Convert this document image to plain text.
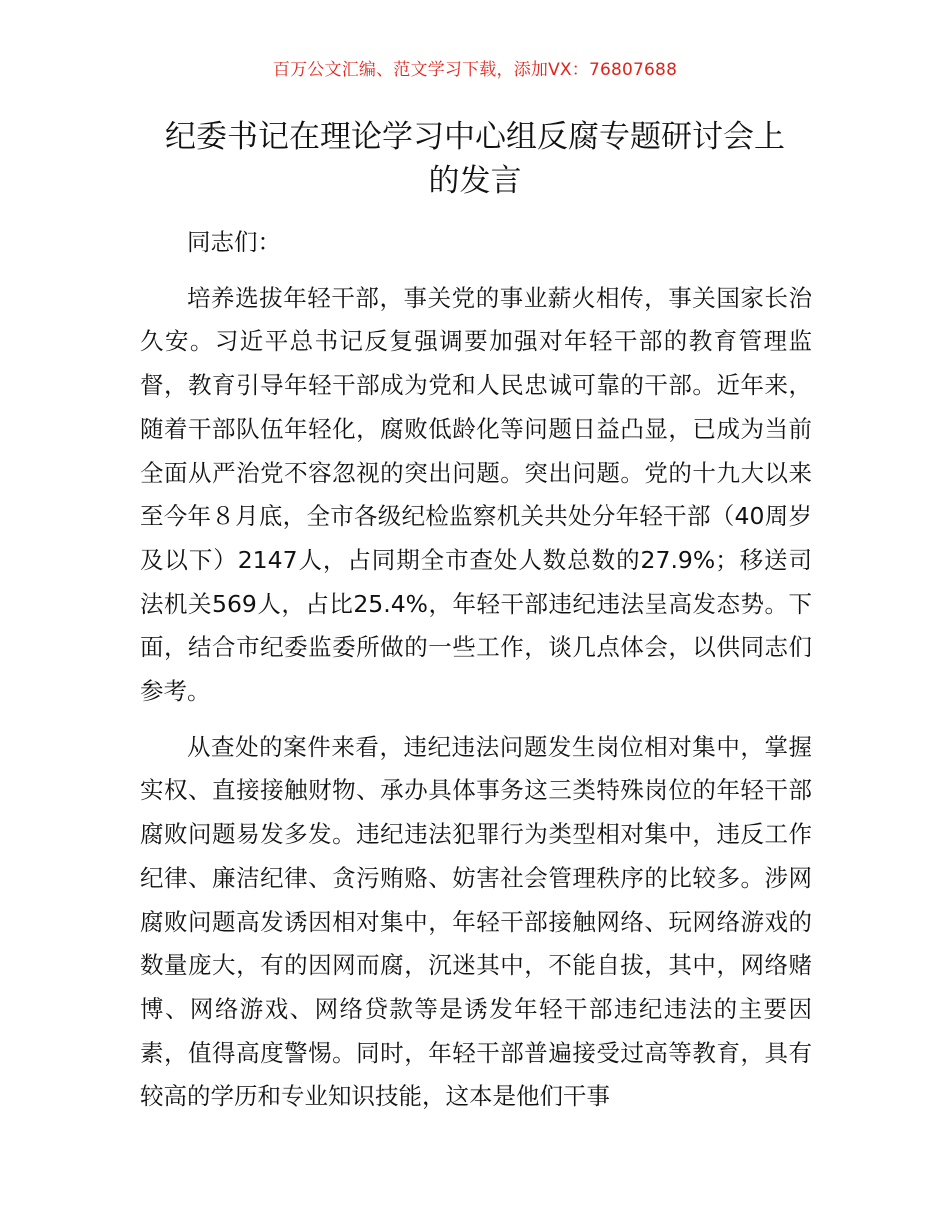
百万公文汇编、范文学习下载，添加VX：76807688
纪委书记在理论学习中心组反腐专题研讨会上
的发言

同志们：

培养选拔年轻干部，事关党的事业薪火相传，事关国家长治久安。习近平总书记反复强调要加强对年轻干部的教育管理监督，教育引导年轻干部成为党和人民忠诚可靠的干部。近年来，随着干部队伍年轻化，腐败低龄化等问题日益凸显，已成为当前全面从严治党不容忽视的突出问题。突出问题。党的十九大以来至今年８月底，全市各级纪检监察机关共处分年轻干部（40周岁及以下）2147人，占同期全市查处人数总数的27.9%；移送司法机关569人，占比25.4%，年轻干部违纪违法呈高发态势。下面，结合市纪委监委所做的一些工作，谈几点体会，以供同志们参考。

从查处的案件来看，违纪违法问题发生岗位相对集中，掌握实权、直接接触财物、承办具体事务这三类特殊岗位的年轻干部腐败问题易发多发。违纪违法犯罪行为类型相对集中，违反工作纪律、廉洁纪律、贪污贿赂、妨害社会管理秩序的比较多。涉网腐败问题高发诱因相对集中，年轻干部接触网络、玩网络游戏的数量庞大，有的因网而腐，沉迷其中，不能自拔，其中，网络赌博、网络游戏、网络贷款等是诱发年轻干部违纪违法的主要因素，值得高度警惕。同时，年轻干部普遍接受过高等教育，具有较高的学历和专业知识技能，这本是他们干事
